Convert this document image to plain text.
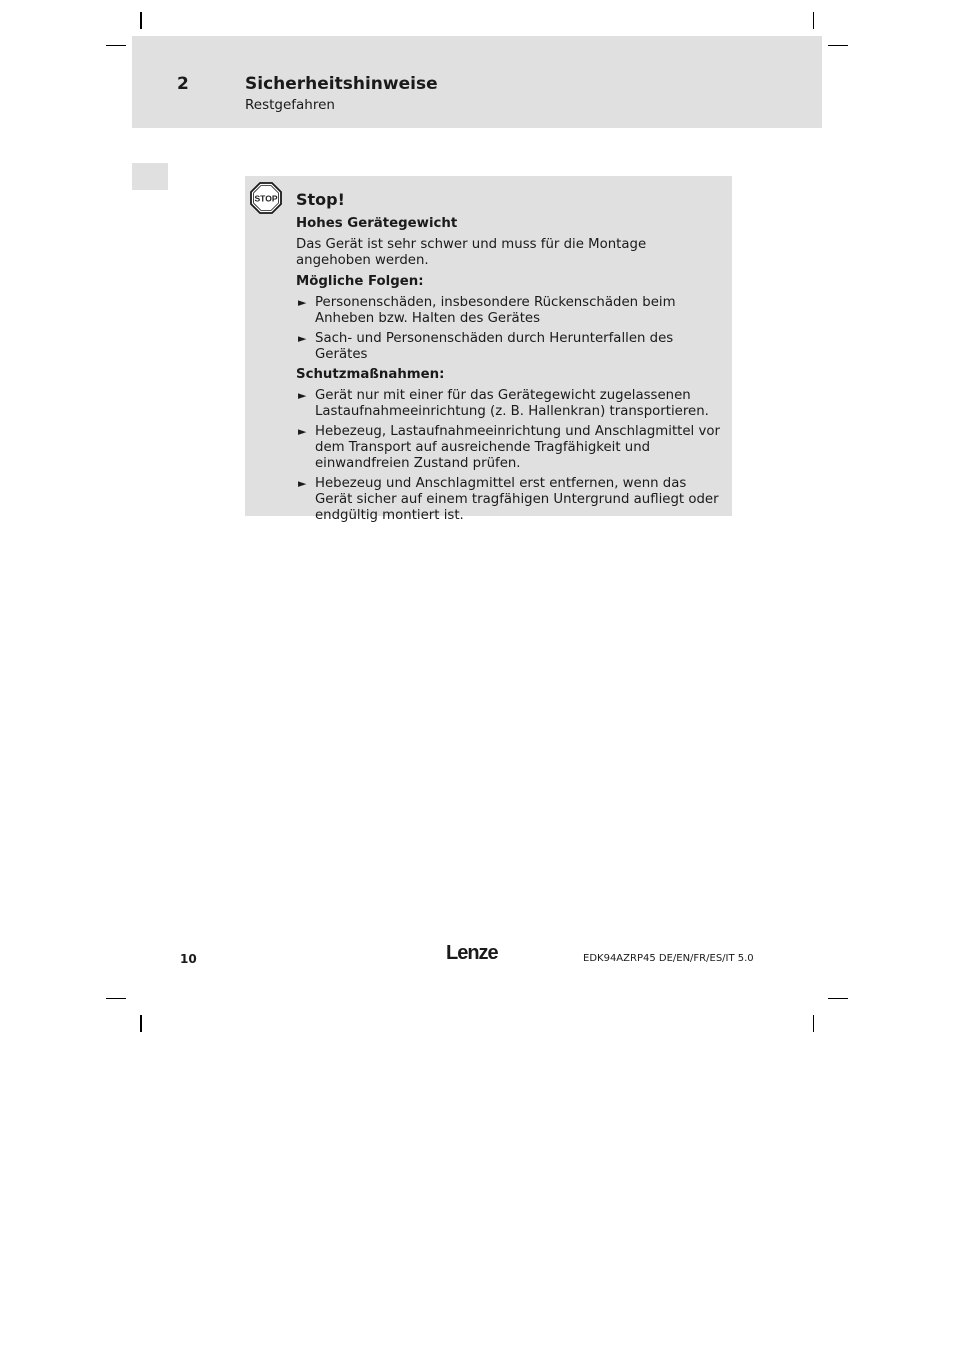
2	Sicherheitshinweise
Restgefahren
STOP Stop!
Hohes Gerätegewicht
Das Gerät ist sehr schwer und muss für die Montage angehoben werden.
Mögliche Folgen:
► Personenschäden, insbesondere Rückenschäden beim Anheben bzw. Halten des Gerätes
► Sach- und Personenschäden durch Herunterfallen des Gerätes
Schutzmaßnahmen:
► Gerät nur mit einer für das Gerätegewicht zugelassenen Lastaufnahmeeinrichtung (z. B. Hallenkran) transportieren.
► Hebezeug, Lastaufnahmeeinrichtung und Anschlagmittel vor dem Transport auf ausreichende Tragfähigkeit und einwandfreien Zustand prüfen.
► Hebezeug und Anschlagmittel erst entfernen, wenn das Gerät sicher auf einem tragfähigen Untergrund aufliegt oder endgültig montiert ist.
10	Lenze	EDK94AZRP45 DE/EN/FR/ES/IT 5.0
